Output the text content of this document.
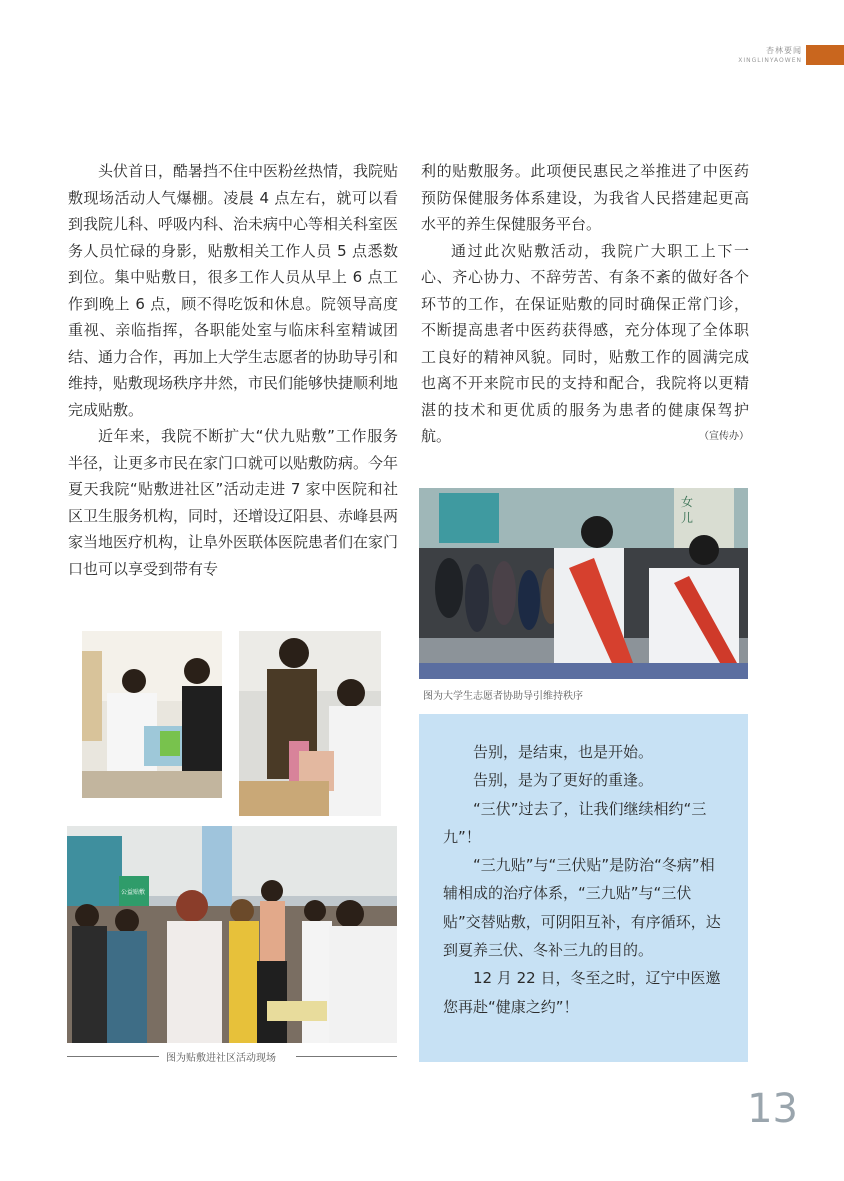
杏林要闻
XINGLINYAOWEN

头伏首日，酷暑挡不住中医粉丝热情，我院贴敷现场活动人气爆棚。凌晨 4 点左右，就可以看到我院儿科、呼吸内科、治未病中心等相关科室医务人员忙碌的身影，贴敷相关工作人员 5 点悉数到位。集中贴敷日，很多工作人员从早上 6 点工作到晚上 6 点，顾不得吃饭和休息。院领导高度重视、亲临指挥，各职能处室与临床科室精诚团结、通力合作，再加上大学生志愿者的协助导引和维持，贴敷现场秩序井然，市民们能够快捷顺利地完成贴敷。

近年来，我院不断扩大“伏九贴敷”工作服务半径，让更多市民在家门口就可以贴敷防病。今年夏天我院“贴敷进社区”活动走进 7 家中医院和社区卫生服务机构，同时，还增设辽阳县、赤峰县两家当地医疗机构，让阜外医联体医院患者们在家门口也可以享受到带有专

利的贴敷服务。此项便民惠民之举推进了中医药预防保健服务体系建设，为我省人民搭建起更高水平的养生保健服务平台。

通过此次贴敷活动，我院广大职工上下一心、齐心协力、不辞劳苦、有条不紊的做好各个环节的工作，在保证贴敷的同时确保正常门诊，不断提高患者中医药获得感，充分体现了全体职工良好的精神风貌。同时，贴敷工作的圆满完成也离不开来院市民的支持和配合，我院将以更精湛的技术和更优质的服务为患者的健康保驾护航。	（宣传办）
女
儿
图为大学生志愿者协助导引维持秩序
公益贴敷
图为贴敷进社区活动现场

告别，是结束，也是开始。

告别，是为了更好的重逢。

“三伏”过去了，让我们继续相约“三九”！

“三九贴”与“三伏贴”是防治“冬病”相辅相成的治疗体系，“三九贴”与“三伏贴”交替贴敷，可阴阳互补，有序循环，达到夏养三伏、冬补三九的目的。

12 月 22 日，冬至之时，辽宁中医邀您再赴“健康之约”！

13
